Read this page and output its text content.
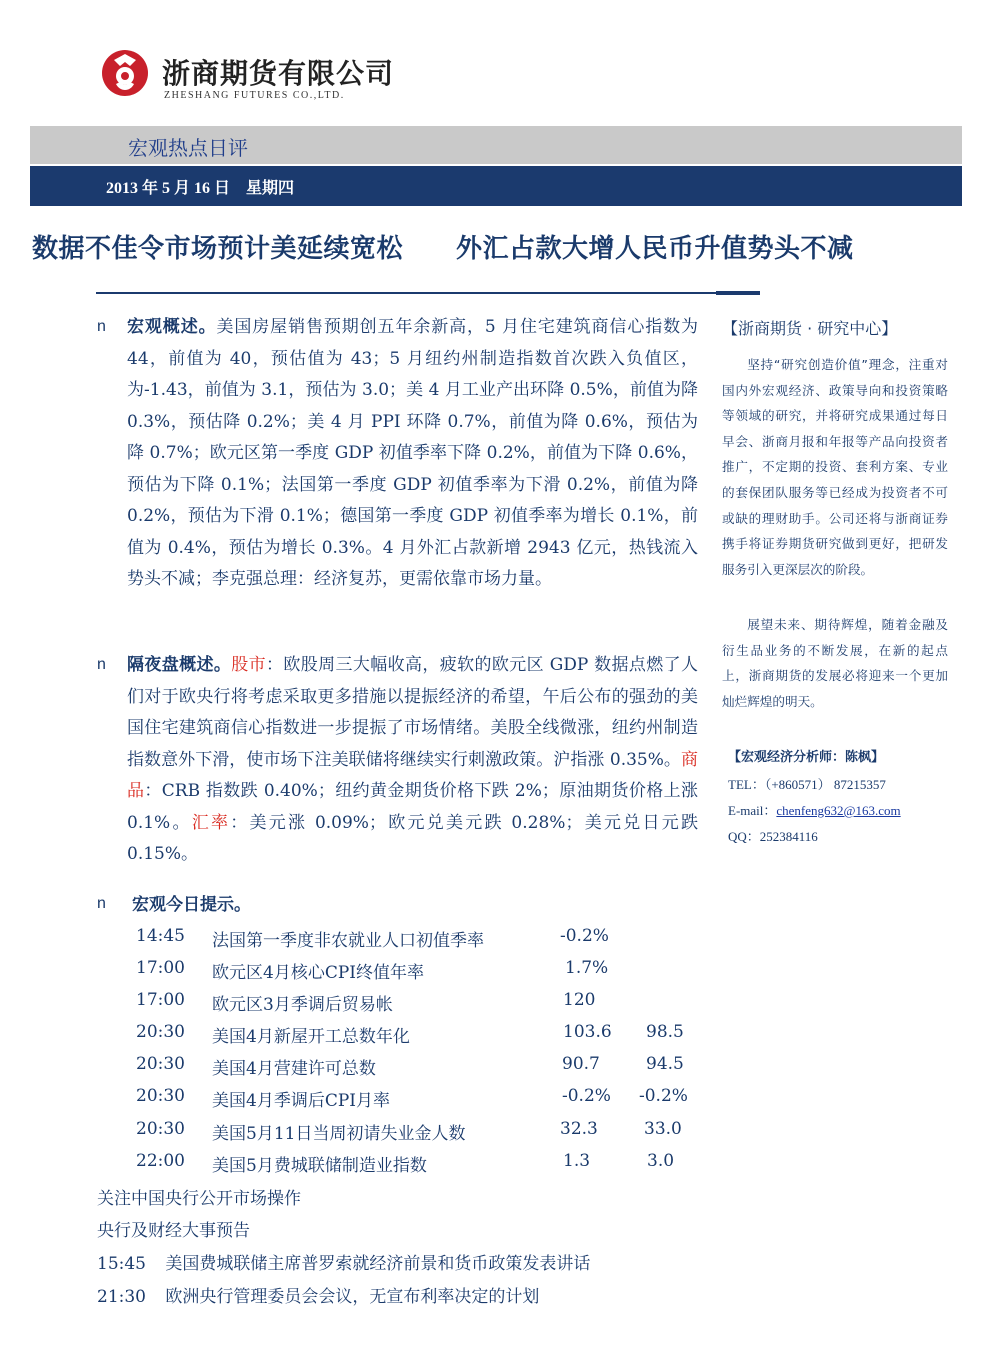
浙商期货有限公司
ZHESHANG FUTURES CO.,LTD.
宏观热点日评
2013 年 5 月 16 日　星期四
数据不佳令市场预计美延续宽松　　外汇占款大增人民币升值势头不减
n 宏观概述。美国房屋销售预期创五年余新高，5 月住宅建筑商信心指数为 44，前值为 40，预估值为 43；5 月纽约州制造指数首次跌入负值区，为-1.43，前值为 3.1，预估为 3.0；美 4 月工业产出环降 0.5%，前值为降 0.3%，预估降 0.2%；美 4 月 PPI 环降 0.7%，前值为降 0.6%，预估为降 0.7%；欧元区第一季度 GDP 初值季率下降 0.2%，前值为下降 0.6%，预估为下降 0.1%；法国第一季度 GDP 初值季率为下滑 0.2%，前值为降 0.2%，预估为下滑 0.1%；德国第一季度 GDP 初值季率为增长 0.1%，前值为 0.4%，预估为增长 0.3%。4 月外汇占款新增 2943 亿元，热钱流入势头不减；李克强总理：经济复苏，更需依靠市场力量。
n 隔夜盘概述。股市：欧股周三大幅收高，疲软的欧元区 GDP 数据点燃了人们对于欧央行将考虑采取更多措施以提振经济的希望，午后公布的强劲的美国住宅建筑商信心指数进一步提振了市场情绪。美股全线微涨，纽约州制造指数意外下滑，使市场下注美联储将继续实行刺激政策。沪指涨 0.35%。商品：CRB 指数跌 0.40%；纽约黄金期货价格下跌 2%；原油期货价格上涨 0.1%。汇率：美元涨 0.09%；欧元兑美元跌 0.28%；美元兑日元跌 0.15%。
n 宏观今日提示。
14:45 法国第一季度非农就业人口初值季率	-0.2%
17:00 欧元区4月核心CPI终值年率	1.7%
17:00 欧元区3月季调后贸易帐	120
20:30 美国4月新屋开工总数年化	103.6 98.5
20:30 美国4月营建许可总数	90.7	94.5
20:30 美国4月季调后CPI月率	-0.2% -0.2%
20:30 美国5月11日当周初请失业金人数	32.3	33.0
22:00 美国5月费城联储制造业指数	1.3	3.0
关注中国央行公开市场操作
央行及财经大事预告
15:45 美国费城联储主席普罗索就经济前景和货币政策发表讲话
21:30 欧洲央行管理委员会会议，无宣布利率决定的计划
【浙商期货 · 研究中心】
坚持“研究创造价值”理念，注重对国内外宏观经济、政策导向和投资策略等领域的研究，并将研究成果通过每日早会、浙商月报和年报等产品向投资者推广，不定期的投资、套利方案、专业的套保团队服务等已经成为投资者不可或缺的理财助手。公司还将与浙商证券携手将证券期货研究做到更好，把研发服务引入更深层次的阶段。
展望未来、期待辉煌，随着金融及衍生品业务的不断发展，在新的起点上，浙商期货的发展必将迎来一个更加灿烂辉煌的明天。
【宏观经济分析师：陈枫】
TEL：（+860571） 87215357
E-mail：chenfeng632@163.com
QQ：252384116
